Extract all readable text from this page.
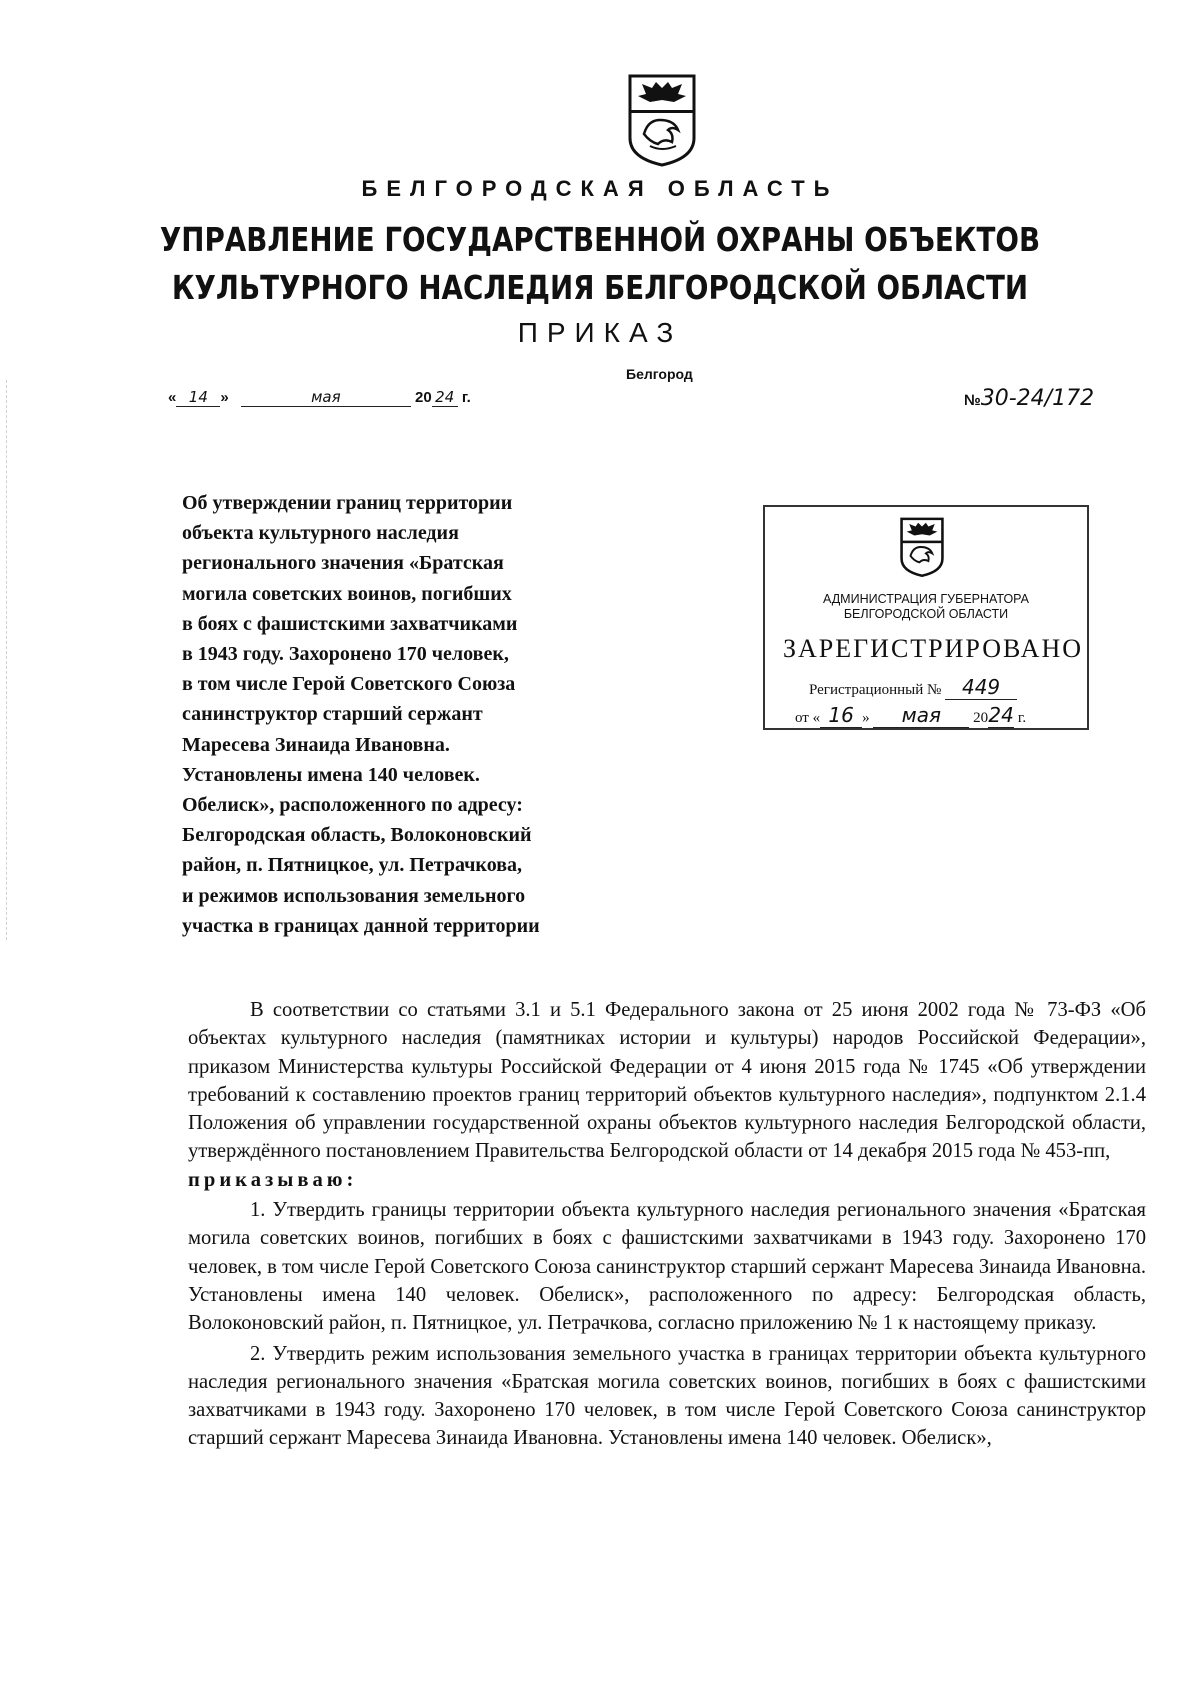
БЕЛГОРОДСКАЯ ОБЛАСТЬ
УПРАВЛЕНИЕ ГОСУДАРСТВЕННОЙ ОХРАНЫ ОБЪЕКТОВ
КУЛЬТУРНОГО НАСЛЕДИЯ БЕЛГОРОДСКОЙ ОБЛАСТИ
ПРИКАЗ
Белгород
« 14 »	мая	20 24 г.	№30-24/172
Об утверждении границ территории
объекта культурного наследия
регионального значения «Братская
могила советских воинов, погибших
в боях с фашистскими захватчиками
в 1943 году. Захоронено 170 человек,
в том числе Герой Советского Союза
санинструктор старший сержант
Маресева Зинаида Ивановна.
Установлены имена 140 человек.
Обелиск», расположенного по адресу:
Белгородская область, Волоконовский
район, п. Пятницкое, ул. Петрачкова,
и режимов использования земельного
участка в границах данной территории
АДМИНИСТРАЦИЯ ГУБЕРНАТОРА
БЕЛГОРОДСКОЙ ОБЛАСТИ
ЗАРЕГИСТРИРОВАНО
Регистрационный № 449
от « 16 » мая 2024 г.

В соответствии со статьями 3.1 и 5.1 Федерального закона от 25 июня 2002 года № 73-ФЗ «Об объектах культурного наследия (памятниках истории и культуры) народов Российской Федерации», приказом Министерства культуры Российской Федерации от 4 июня 2015 года № 1745 «Об утверждении требований к составлению проектов границ территорий объектов культурного наследия», подпунктом 2.1.4 Положения об управлении государственной охраны объектов культурного наследия Белгородской области, утверждённого постановлением Правительства Белгородской области от 14 декабря 2015 года № 453-пп,

приказываю:

1. Утвердить границы территории объекта культурного наследия регионального значения «Братская могила советских воинов, погибших в боях с фашистскими захватчиками в 1943 году. Захоронено 170 человек, в том числе Герой Советского Союза санинструктор старший сержант Маресева Зинаида Ивановна. Установлены имена 140 человек. Обелиск», расположенного по адресу: Белгородская область, Волоконовский район, п. Пятницкое, ул. Петрачкова, согласно приложению № 1 к настоящему приказу.

2. Утвердить режим использования земельного участка в границах территории объекта культурного наследия регионального значения «Братская могила советских воинов, погибших в боях с фашистскими захватчиками в 1943 году. Захоронено 170 человек, в том числе Герой Советского Союза санинструктор старший сержант Маресева Зинаида Ивановна. Установлены имена 140 человек. Обелиск»,
